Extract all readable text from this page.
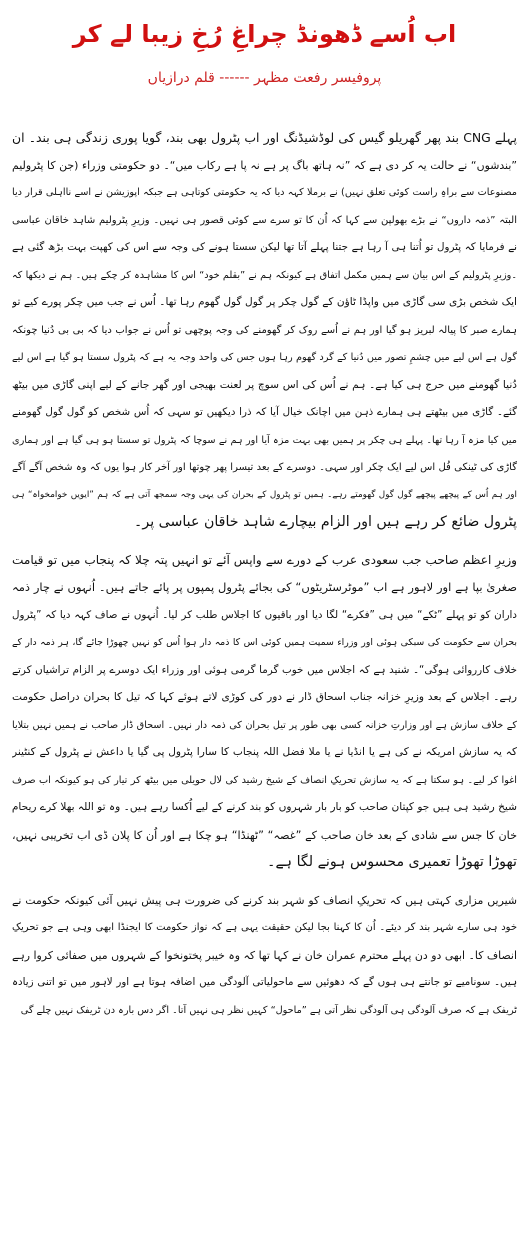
اب اُسے ڈھونڈ چراغِ رُخِ زیبا لے کر
پروفیسر رفعت مظہر ------ قلم درازیاں
پہلے CNG بند پھر گھریلو گیس کی لوڈشیڈنگ اور اب پٹرول بھی بند، گویا پوری زندگی ہی بند۔ ان
”بندشوں“ نے حالت یہ کر دی ہے کہ ”نہ ہاتھ باگ پر ہے نہ پا ہے رکاب میں“۔ دو حکومتی وزراء (جن کا پٹرولیم
مصنوعات سے براہِ راست کوئی تعلق نہیں) نے برملا کہہ دیا کہ یہ حکومتی کوتاہی ہے جبکہ اپوزیشن نے اسے نااہلی قرار دیا
البتہ ”ذمہ داروں“ نے بڑے بھولپن سے کہا کہ اُن کا تو سرے سے کوئی قصور ہی نہیں۔ وزیرِ پٹرولیم شاہد خاقان عباسی
نے فرمایا کہ پٹرول تو اُتنا ہی آ رہا ہے جتنا پہلے آتا تھا لیکن سستا ہونے کی وجہ سے اس کی کھپت بہت بڑھ گئی ہے
۔وزیرِ پٹرولیم کے اس بیان سے ہمیں مکمل اتفاق ہے کیونکہ ہم نے ”بقلم خود“ اس کا مشاہدہ کر چکے ہیں۔ ہم نے دیکھا کہ
ایک شخص بڑی سی گاڑی میں واپڈا ٹاؤن کے گول چکر پر گول گول گھوم رہا تھا۔ اُس نے جب میں چکر پورے کیے تو
ہمارے صبر کا پیالہ لبریز ہو گیا اور ہم نے اُسے روک کر گھومنے کی وجہ پوچھی تو اُس نے جواب دیا کہ بی بی دُنیا چونکہ
گول ہے اس لیے میں چشمِ تصور میں دُنیا کے گرد گھوم رہا ہوں جس کی واحد وجہ یہ ہے کہ پٹرول سستا ہو گیا ہے اس لیے
دُنیا گھومنے میں حرج ہی کیا ہے۔ ہم نے اُس کی اس سوچ پر لعنت بھیجی اور گھر جانے کے لیے اپنی گاڑی میں بیٹھ
گئے۔ گاڑی میں بیٹھتے ہی ہمارے ذہن میں اچانک خیال آیا کہ ذرا دیکھیں تو سہی کہ اُس شخص کو گول گول گھومنے
میں کیا مزہ آ رہا تھا۔ پہلے ہی چکر پر ہمیں بھی بہت مزہ آیا اور ہم نے سوچا کہ پٹرول تو سستا ہو ہی گیا ہے اور ہماری
گاڑی کی ٹینکی فُل اس لیے ایک چکر اور سہی۔ دوسرے کے بعد تیسرا پھر چوتھا اور آخر کار ہوا یوں کہ وہ شخص آگے آگے
اور ہم اُس کے پیچھے پیچھے گول گول گھومتے رہے۔ ہمیں تو پٹرول کے بحران کی یہی وجہ سمجھ آتی ہے کہ ہم ”ایویں خوامخواہ“ ہی
پٹرول ضائع کر رہے ہیں اور الزام بیچارے شاہد خاقان عباسی پر۔
وزیرِ اعظم صاحب جب سعودی عرب کے دورے سے واپس آئے تو انہیں پتہ چلا کہ پنجاب میں تو قیامت
صغریٰ بپا ہے اور لاہور ہے اب ”موٹرسٹریٹوں“ کی بجائے پٹرول پمپوں پر پائے جاتے ہیں۔ اُنہوں نے چار ذمہ
داران کو تو پہلے ”ٹکے“ میں ہی ”فکرے“ لگا دیا اور باقیوں کا اجلاس طلب کر لیا۔ اُنہوں نے صاف کہہ دیا کہ ”پٹرول
بحران سے حکومت کی سبکی ہوئی اور وزراء سمیت ہمیں کوئی اس کا ذمہ دار ہوا اُس کو نہیں چھوڑا جائے گا، ہر ذمہ دار کے
خلاف کارروائی ہوگی“۔ شنید ہے کہ اجلاس میں خوب گرما گرمی ہوئی اور وزراء ایک دوسرے پر الزام تراشیاں کرتے
رہے۔ اجلاس کے بعد وزیرِ خزانہ جناب اسحاق ڈار نے دور کی کوڑی لاتے ہوئے کہا کہ تیل کا بحران دراصل حکومت
کے خلاف سازش ہے اور وزارتِ خزانہ کسی بھی طور پر تیل بحران کی ذمہ دار نہیں۔ اسحاق ڈار صاحب نے ہمیں نہیں بتلایا
کہ یہ سازش امریکہ نے کی ہے یا انڈیا نے یا ملا فضل اللہ پنجاب کا سارا پٹرول پی گیا یا داعش نے پٹرول کے کنٹینر
اغوا کر لیے۔ ہو سکتا ہے کہ یہ سازش تحریکِ انصاف کے شیخ رشید کی لال حویلی میں بیٹھ کر تیار کی ہو کیونکہ اب صرف
شیخ رشید ہی ہیں جو کپتان صاحب کو بار بار شہروں کو بند کرنے کے لیے اُکسا رہے ہیں۔ وہ تو اللہ بھلا کرے ریحام
خان کا جس سے شادی کے بعد خان صاحب کے ”غصہ“ ”ٹھنڈا“ ہو چکا ہے اور اُن کا پلان ڈی اب تخریبی نہیں،
تھوڑا تھوڑا تعمیری محسوس ہونے لگا ہے۔
شیریں مزاری کہتی ہیں کہ تحریکِ انصاف کو شہر بند کرنے کی ضرورت ہی پیش نہیں آئی کیونکہ حکومت نے
خود ہی سارے شہر بند کر دیئے۔ اُن کا کہنا بجا لیکن حقیقت یہی ہے کہ نواز حکومت کا ایجنڈا ابھی وہی ہے جو تحریکِ
انصاف کا۔ ابھی دو دن پہلے محترم عمران خان نے کہا تھا کہ وہ خیبر پختونخوا کے شہروں میں صفائی کروا رہے
ہیں۔ سونامیے تو جانتے ہی ہوں گے کہ دھوئیں سے ماحولیاتی آلودگی میں اضافہ ہوتا ہے اور لاہور میں تو اتنی زیادہ
ٹریفک ہے کہ صرف آلودگی ہی آلودگی نظر آتی ہے ”ماحول“ کہیں نظر ہی نہیں آتا۔ اگر دس بارہ دن ٹریفک نہیں چلے گی
